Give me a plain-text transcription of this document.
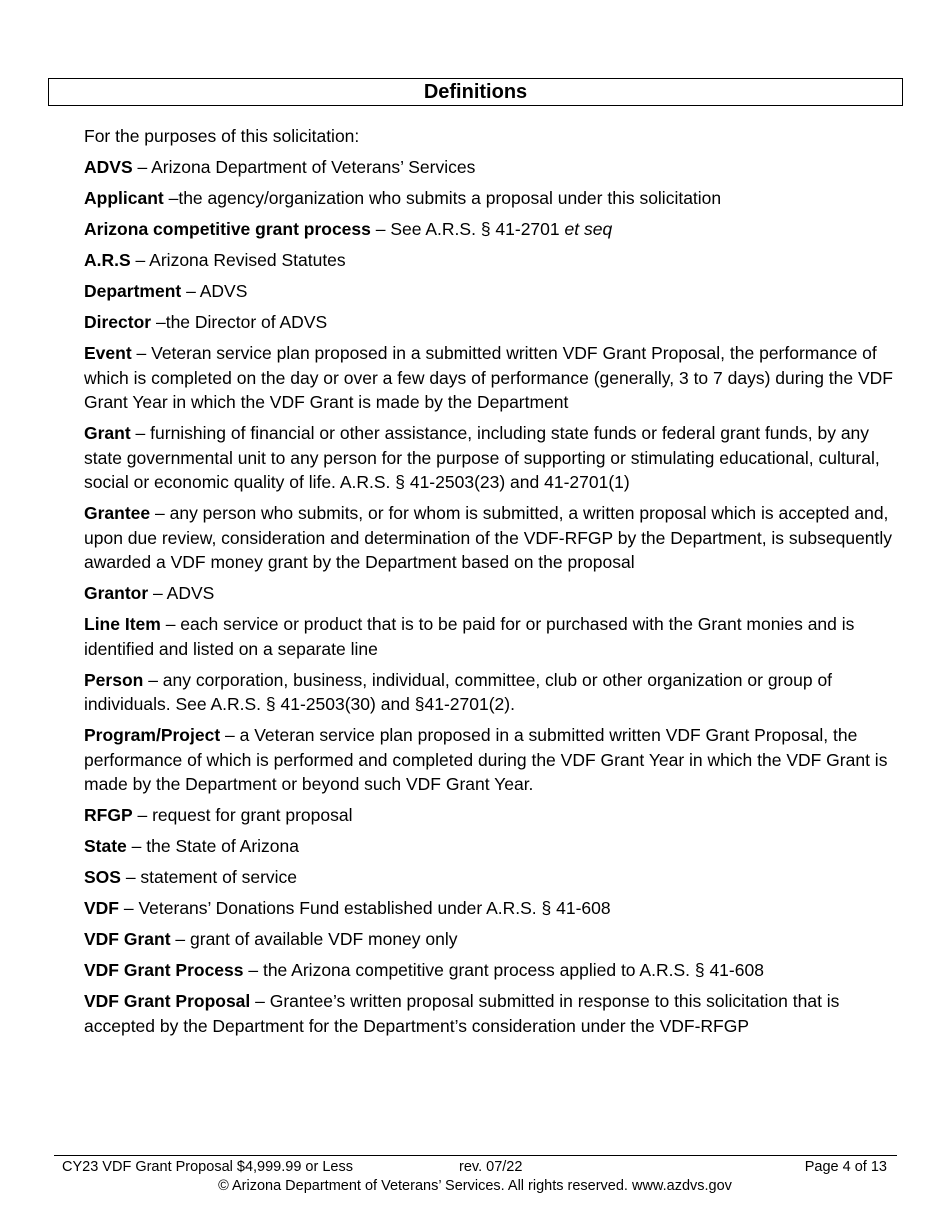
Definitions

For the purposes of this solicitation:

ADVS – Arizona Department of Veterans’ Services

Applicant –the agency/organization who submits a proposal under this solicitation

Arizona competitive grant process – See A.R.S. § 41-2701 et seq

A.R.S – Arizona Revised Statutes

Department – ADVS

Director –the Director of ADVS

Event – Veteran service plan proposed in a submitted written VDF Grant Proposal, the performance of which is completed on the day or over a few days of performance (generally, 3 to 7 days) during the VDF Grant Year in which the VDF Grant is made by the Department

Grant – furnishing of financial or other assistance, including state funds or federal grant funds, by any state governmental unit to any person for the purpose of supporting or stimulating educational, cultural, social or economic quality of life. A.R.S. § 41-2503(23) and 41-2701(1)

Grantee – any person who submits, or for whom is submitted, a written proposal which is accepted and, upon due review, consideration and determination of the VDF-RFGP by the Department, is subsequently awarded a VDF money grant by the Department based on the proposal

Grantor – ADVS

Line Item – each service or product that is to be paid for or purchased with the Grant monies and is identified and listed on a separate line

Person – any corporation, business, individual, committee, club or other organization or group of individuals. See A.R.S. § 41-2503(30) and §41-2701(2).

Program/Project – a Veteran service plan proposed in a submitted written VDF Grant Proposal, the performance of which is performed and completed during the VDF Grant Year in which the VDF Grant is made by the Department or beyond such VDF Grant Year.

RFGP – request for grant proposal

State – the State of Arizona

SOS – statement of service

VDF – Veterans’ Donations Fund established under A.R.S. § 41-608

VDF Grant – grant of available VDF money only

VDF Grant Process – the Arizona competitive grant process applied to A.R.S. § 41-608

VDF Grant Proposal – Grantee’s written proposal submitted in response to this solicitation that is accepted by the Department for the Department’s consideration under the VDF-RFGP

CY23 VDF Grant Proposal $4,999.99 or Less	rev. 07/22	Page 4 of 13
© Arizona Department of Veterans’ Services. All rights reserved. www.azdvs.gov
